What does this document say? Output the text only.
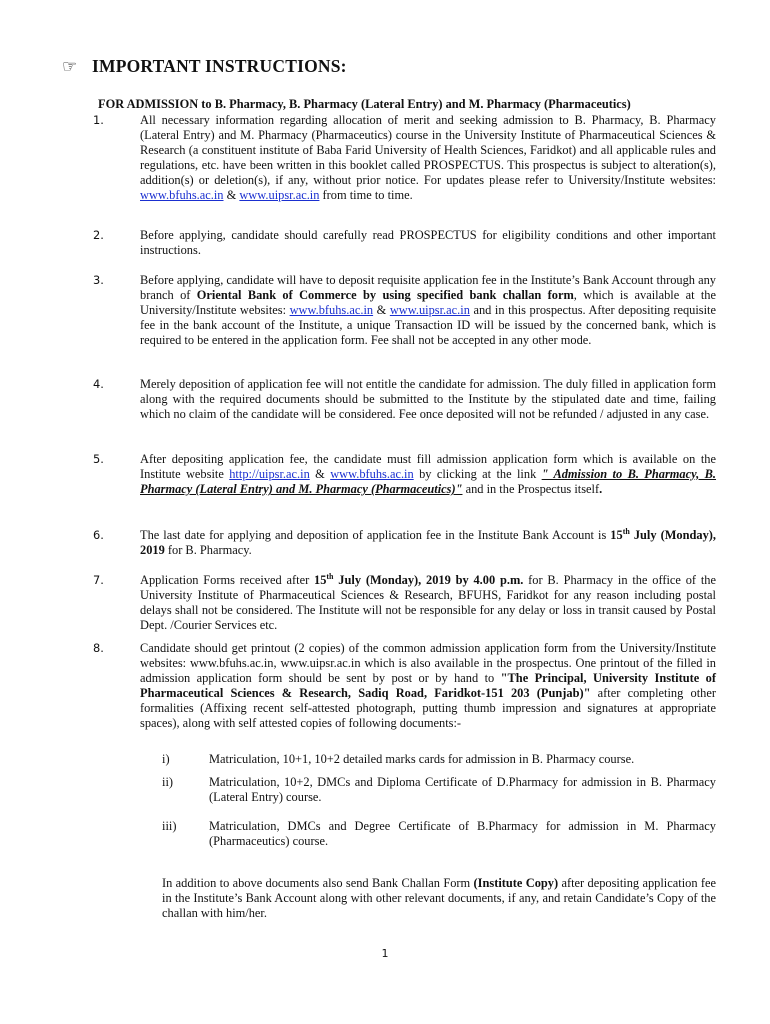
☞ IMPORTANT INSTRUCTIONS:
FOR ADMISSION to B. Pharmacy, B. Pharmacy (Lateral Entry) and M. Pharmacy (Pharmaceutics)
1.	All necessary information regarding allocation of merit and seeking admission to B. Pharmacy, B. Pharmacy (Lateral Entry) and M. Pharmacy (Pharmaceutics) course in the University Institute of Pharmaceutical Sciences & Research (a constituent institute of Baba Farid University of Health Sciences, Faridkot) and all applicable rules and regulations, etc. have been written in this booklet called PROSPECTUS. This prospectus is subject to alteration(s), addition(s) or deletion(s), if any, without prior notice. For updates please refer to University/Institute websites: www.bfuhs.ac.in & www.uipsr.ac.in from time to time.

2.	Before applying, candidate should carefully read PROSPECTUS for eligibility conditions and other important instructions.

3.	Before applying, candidate will have to deposit requisite application fee in the Institute’s Bank Account through any branch of Oriental Bank of Commerce by using specified bank challan form, which is available at the University/Institute websites: www.bfuhs.ac.in & www.uipsr.ac.in and in this prospectus. After depositing requisite fee in the bank account of the Institute, a unique Transaction ID will be issued by the concerned bank, which is required to be entered in the application form. Fee shall not be accepted in any other mode.

4.	Merely deposition of application fee will not entitle the candidate for admission. The duly filled in application form along with the required documents should be submitted to the Institute by the stipulated date and time, failing which no claim of the candidate will be considered. Fee once deposited will not be refunded / adjusted in any case.

5.	After depositing application fee, the candidate must fill admission application form which is available on the Institute website http://uipsr.ac.in & www.bfuhs.ac.in by clicking at the link " Admission to B. Pharmacy, B. Pharmacy (Lateral Entry) and M. Pharmacy (Pharmaceutics)" and in the Prospectus itself.

6.	The last date for applying and deposition of application fee in the Institute Bank Account is 15th July (Monday), 2019 for B. Pharmacy.

7.	Application Forms received after 15th July (Monday), 2019 by 4.00 p.m. for B. Pharmacy in the office of the University Institute of Pharmaceutical Sciences & Research, BFUHS, Faridkot for any reason including postal delays shall not be considered. The Institute will not be responsible for any delay or loss in transit caused by Postal Dept. /Courier Services etc.

8.	Candidate should get printout (2 copies) of the common admission application form from the University/Institute websites: www.bfuhs.ac.in, www.uipsr.ac.in which is also available in the prospectus. One printout of the filled in admission application form should be sent by post or by hand to "The Principal, University Institute of Pharmaceutical Sciences & Research, Sadiq Road, Faridkot-151 203 (Punjab)" after completing other formalities (Affixing recent self-attested photograph, putting thumb impression and signatures at appropriate spaces), along with self attested copies of following documents:-

i)	Matriculation, 10+1, 10+2 detailed marks cards for admission in B. Pharmacy course.

ii)	Matriculation, 10+2, DMCs and Diploma Certificate of D.Pharmacy for admission in B. Pharmacy (Lateral Entry) course.

iii)	Matriculation, DMCs and Degree Certificate of B.Pharmacy for admission in M. Pharmacy (Pharmaceutics) course.

In addition to above documents also send Bank Challan Form (Institute Copy) after depositing application fee in the Institute’s Bank Account along with other relevant documents, if any, and retain Candidate’s Copy of the challan with him/her.

1
